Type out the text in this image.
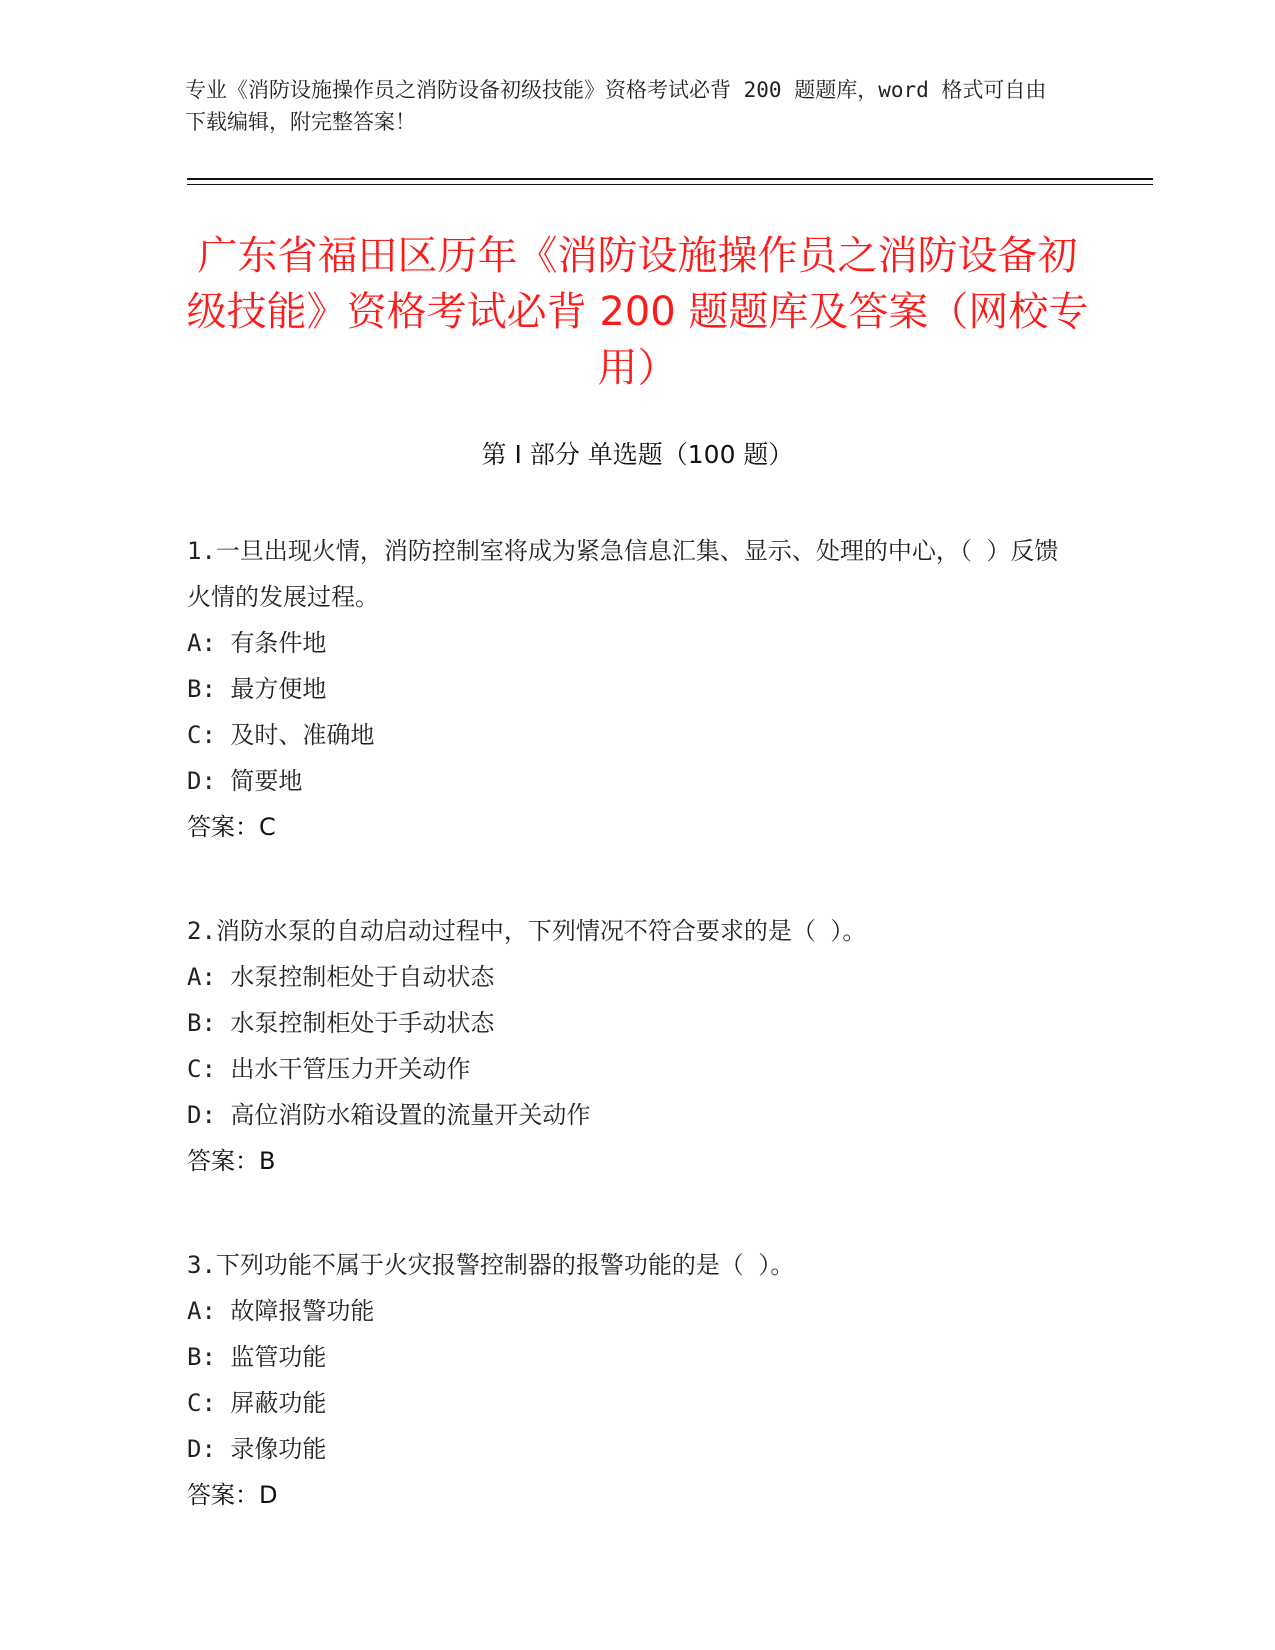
专业《消防设施操作员之消防设备初级技能》资格考试必背 200 题题库，word 格式可自由下载编辑，附完整答案！
广东省福田区历年《消防设施操作员之消防设备初级技能》资格考试必背 200 题题库及答案（网校专用）
第 I 部分 单选题（100 题）
1.一旦出现火情，消防控制室将成为紧急信息汇集、显示、处理的中心，（ ）反馈火情的发展过程。
A: 有条件地
B: 最方便地
C: 及时、准确地
D: 简要地
答案：C
2.消防水泵的自动启动过程中，下列情况不符合要求的是（ ）。
A: 水泵控制柜处于自动状态
B: 水泵控制柜处于手动状态
C: 出水干管压力开关动作
D: 高位消防水箱设置的流量开关动作
答案：B
3.下列功能不属于火灾报警控制器的报警功能的是（ ）。
A: 故障报警功能
B: 监管功能
C: 屏蔽功能
D: 录像功能
答案：D
